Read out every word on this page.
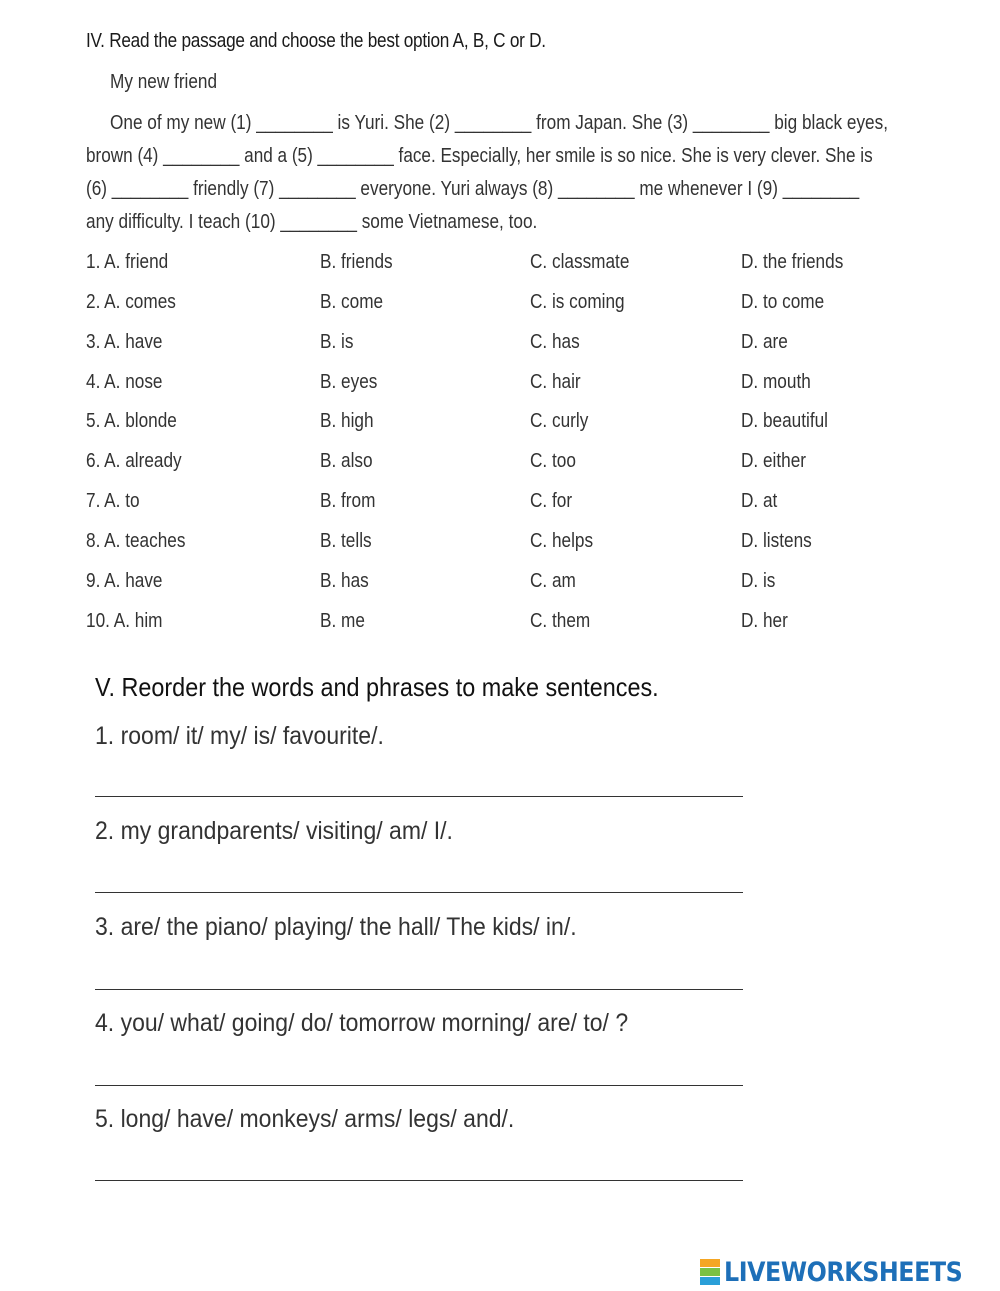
IV. Read the passage and choose the best option A, B, C or D.
My new friend
One of my new (1) ________ is Yuri. She (2) ________ from Japan. She (3) ________ big black eyes,
brown (4) ________ and a (5) ________ face. Especially, her smile is so nice. She is very clever. She is
(6) ________ friendly (7) ________ everyone. Yuri always (8) ________ me whenever I (9) ________
any difficulty. I teach (10) ________ some Vietnamese, too.
1. A. friend	B. friends	C. classmate	D. the friends
2. A. comes	B. come	C. is coming	D. to come
3. A. have	B. is	C. has	D. are
4. A. nose	B. eyes	C. hair	D. mouth
5. A. blonde	B. high	C. curly	D. beautiful
6. A. already	B. also	C. too	D. either
7. A. to	B. from	C. for	D. at
8. A. teaches	B. tells	C. helps	D. listens
9. A. have	B. has	C. am	D. is
10. A. him	B. me	C. them	D. her
V. Reorder the words and phrases to make sentences.
1. room/ it/ my/ is/ favourite/.
2. my grandparents/ visiting/ am/ I/.
3. are/ the piano/ playing/ the hall/ The kids/ in/.
4. you/ what/ going/ do/ tomorrow morning/ are/ to/ ?
5. long/ have/ monkeys/ arms/ legs/ and/.
LIVEWORKSHEETS
